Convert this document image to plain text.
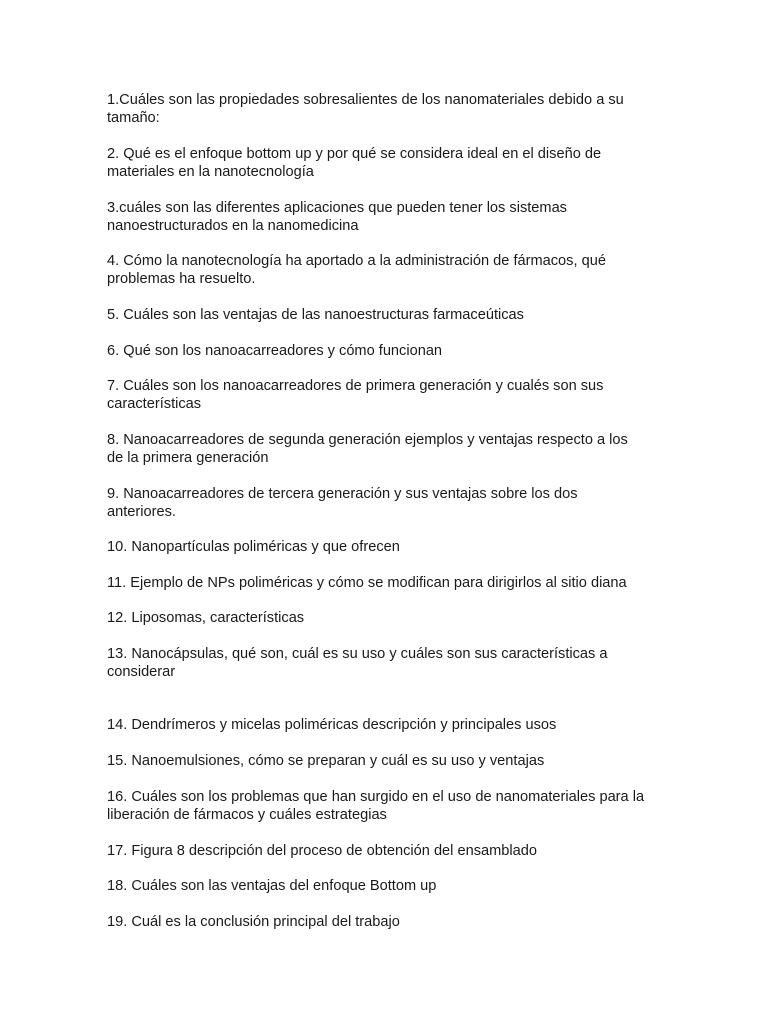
1.Cuáles son las propiedades sobresalientes de los nanomateriales debido a su
tamaño:

2. Qué es el enfoque bottom up y por qué se considera ideal en el diseño de
materiales en la nanotecnología

3.cuáles son las diferentes aplicaciones que pueden tener los sistemas
nanoestructurados en la nanomedicina

4. Cómo la nanotecnología ha aportado a la administración de fármacos, qué
problemas ha resuelto.

5. Cuáles son las ventajas de las nanoestructuras farmaceúticas

6. Qué son los nanoacarreadores y cómo funcionan

7. Cuáles son los nanoacarreadores de primera generación y cualés son sus
características

8. Nanoacarreadores de segunda generación ejemplos y ventajas respecto a los
de la primera generación

9. Nanoacarreadores de tercera generación y sus ventajas sobre los dos
anteriores.

10. Nanopartículas poliméricas y que ofrecen

11. Ejemplo de NPs poliméricas y cómo se modifican para dirigirlos al sitio diana

12. Liposomas, características

13. Nanocápsulas, qué son, cuál es su uso y cuáles son sus características a
considerar

14. Dendrímeros y micelas poliméricas descripción y principales usos

15. Nanoemulsiones, cómo se preparan y cuál es su uso y ventajas

16. Cuáles son los problemas que han surgido en el uso de nanomateriales para la
liberación de fármacos y cuáles estrategias

17. Figura 8 descripción del proceso de obtención del ensamblado

18. Cuáles son las ventajas del enfoque Bottom up

19. Cuál es la conclusión principal del trabajo
